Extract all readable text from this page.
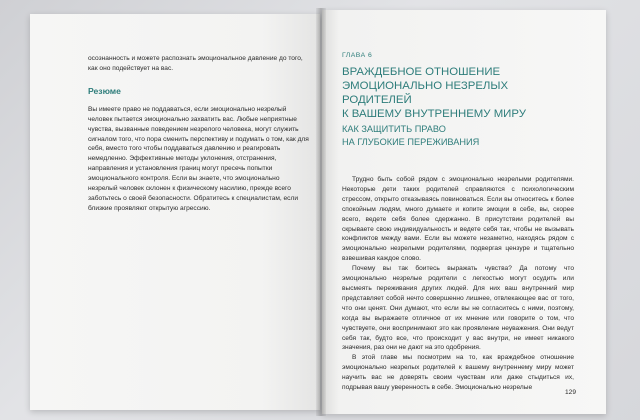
осознанность и можете распознать эмоциональное давление до того, как оно подействует на вас.

Резюме

Вы имеете право не поддаваться, если эмоционально незрелый человек пытается эмоционально захватить вас. Любые неприятные чувства, вызванные поведением незрелого человека, могут служить сигналом того, что пора сменить перспективу и подумать о том, как для себя, вместо того чтобы поддаваться давлению и реагировать немедленно. Эффективные методы уклонения, отстранения, направления и установления границ могут пресечь попытки эмоционального контроля. Если вы знаете, что эмоционально незрелый человек склонен к физическому насилию, прежде всего заботьтесь о своей безопасности. Обратитесь к специалистам, если близкие проявляют открытую агрессию.

ГЛАВА 6
ВРАЖДЕБНОЕ ОТНОШЕНИЕ
ЭМОЦИОНАЛЬНО НЕЗРЕЛЫХ РОДИТЕЛЕЙ
К ВАШЕМУ ВНУТРЕННЕМУ МИРУ
КАК ЗАЩИТИТЬ ПРАВО
НА ГЛУБОКИЕ ПЕРЕЖИВАНИЯ

Трудно быть собой рядом с эмоционально незрелыми родителями. Некоторые дети таких родителей справляются с психологическим стрессом, открыто отказываясь повиноваться. Если вы относитесь к более спокойным людям, много думаете и копите эмоции в себе, вы, скорее всего, ведете себя более сдержанно. В присутствии родителей вы скрываете свою индивидуальность и ведете себя так, чтобы не вызывать конфликтов между вами. Если вы можете незаметно, находясь рядом с эмоционально незрелыми родителями, подвергая цензуре и тщательно взвешивая каждое слово.

Почему вы так боитесь выражать чувства? Да потому что эмоционально незрелые родители с легкостью могут осудить или высмеять переживания других людей. Для них ваш внутренний мир представляет собой нечто совершенно лишнее, отвлекающее вас от того, что они ценят. Они думают, что если вы не согласитесь с ними, поэтому, когда вы выражаете отличное от их мнение или говорите о том, что чувствуете, они воспринимают это как проявление неуважения. Они ведут себя так, будто все, что происходит у вас внутри, не имеет никакого значения, раз они не дают на это одобрения.

В этой главе мы посмотрим на то, как враждебное отношение эмоционально незрелых родителей к вашему внутреннему миру может научить вас не доверять своим чувствам или даже стыдиться их, подрывая вашу уверенность в себе. Эмоционально незрелые

129
